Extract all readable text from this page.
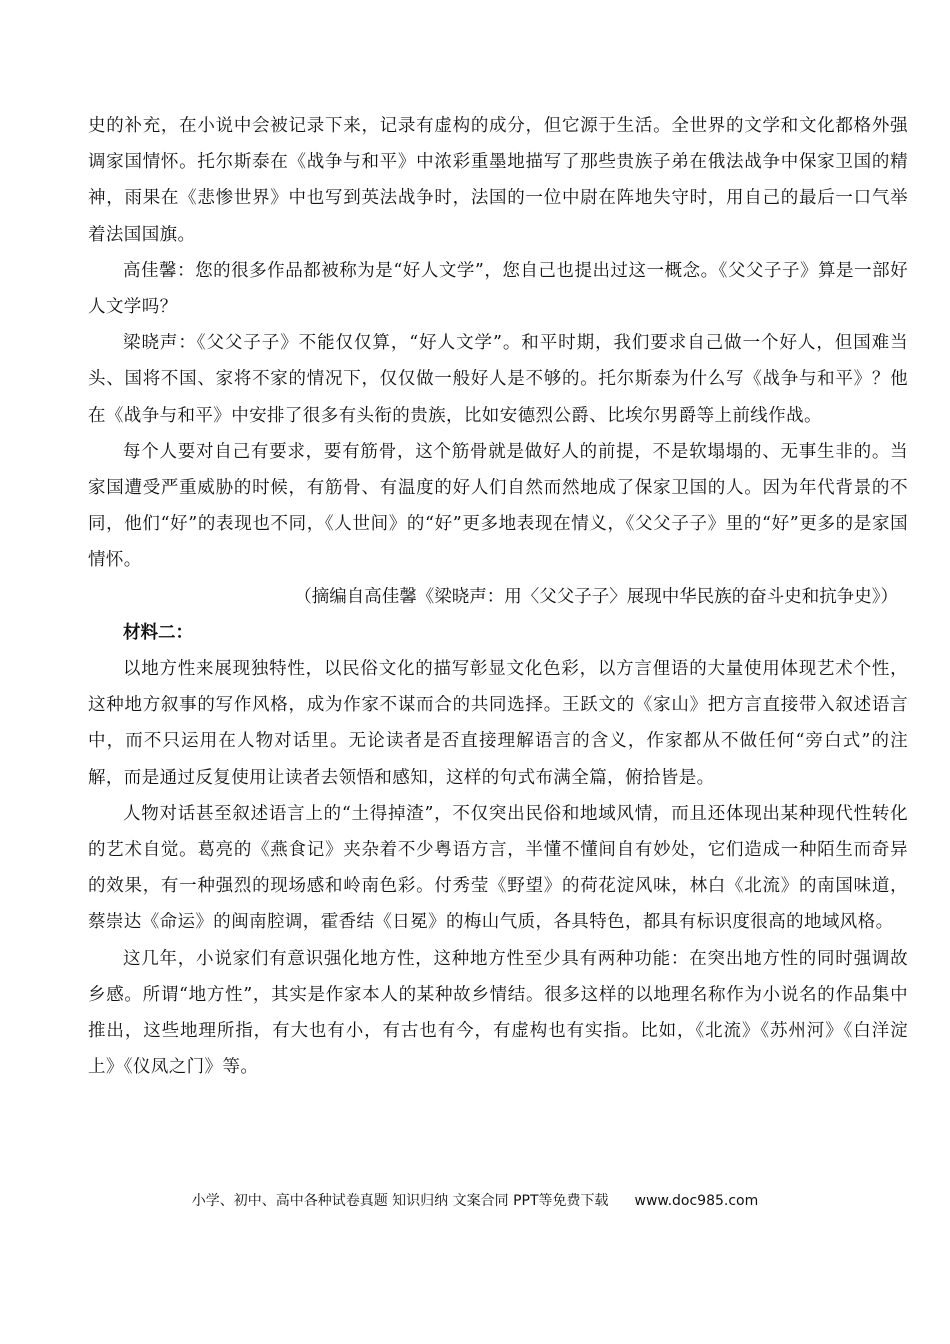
史的补充，在小说中会被记录下来，记录有虚构的成分，但它源于生活。全世界的文学和文化都格外强调家国情怀。托尔斯泰在《战争与和平》中浓彩重墨地描写了那些贵族子弟在俄法战争中保家卫国的精神，雨果在《悲惨世界》中也写到英法战争时，法国的一位中尉在阵地失守时，用自己的最后一口气举着法国国旗。

高佳馨：您的很多作品都被称为是“好人文学”，您自己也提出过这一概念。《父父子子》算是一部好人文学吗？

梁晓声：《父父子子》不能仅仅算，“好人文学”。和平时期，我们要求自己做一个好人，但国难当头、国将不国、家将不家的情况下，仅仅做一般好人是不够的。托尔斯泰为什么写《战争与和平》？他在《战争与和平》中安排了很多有头衔的贵族，比如安德烈公爵、比埃尔男爵等上前线作战。

每个人要对自己有要求，要有筋骨，这个筋骨就是做好人的前提，不是软塌塌的、无事生非的。当家国遭受严重威胁的时候，有筋骨、有温度的好人们自然而然地成了保家卫国的人。因为年代背景的不同，他们“好”的表现也不同，《人世间》的“好”更多地表现在情义，《父父子子》里的“好”更多的是家国情怀。

（摘编自高佳馨《梁晓声：用〈父父子子〉展现中华民族的奋斗史和抗争史》）

材料二：

以地方性来展现独特性，以民俗文化的描写彰显文化色彩，以方言俚语的大量使用体现艺术个性，这种地方叙事的写作风格，成为作家不谋而合的共同选择。王跃文的《家山》把方言直接带入叙述语言中，而不只运用在人物对话里。无论读者是否直接理解语言的含义，作家都从不做任何“旁白式”的注解，而是通过反复使用让读者去领悟和感知，这样的句式布满全篇，俯拾皆是。

人物对话甚至叙述语言上的“土得掉渣”，不仅突出民俗和地域风情，而且还体现出某种现代性转化的艺术自觉。葛亮的《燕食记》夹杂着不少粤语方言，半懂不懂间自有妙处，它们造成一种陌生而奇异的效果，有一种强烈的现场感和岭南色彩。付秀莹《野望》的荷花淀风味，林白《北流》的南国味道，蔡崇达《命运》的闽南腔调，霍香结《日冕》的梅山气质，各具特色，都具有标识度很高的地域风格。

这几年，小说家们有意识强化地方性，这种地方性至少具有两种功能：在突出地方性的同时强调故乡感。所谓“地方性”，其实是作家本人的某种故乡情结。很多这样的以地理名称作为小说名的作品集中推出，这些地理所指，有大也有小，有古也有今，有虚构也有实指。比如，《北流》《苏州河》《白洋淀上》《仪凤之门》等。

小学、初中、高中各种试卷真题 知识归纳 文案合同 PPT等免费下载 www.doc985.com
